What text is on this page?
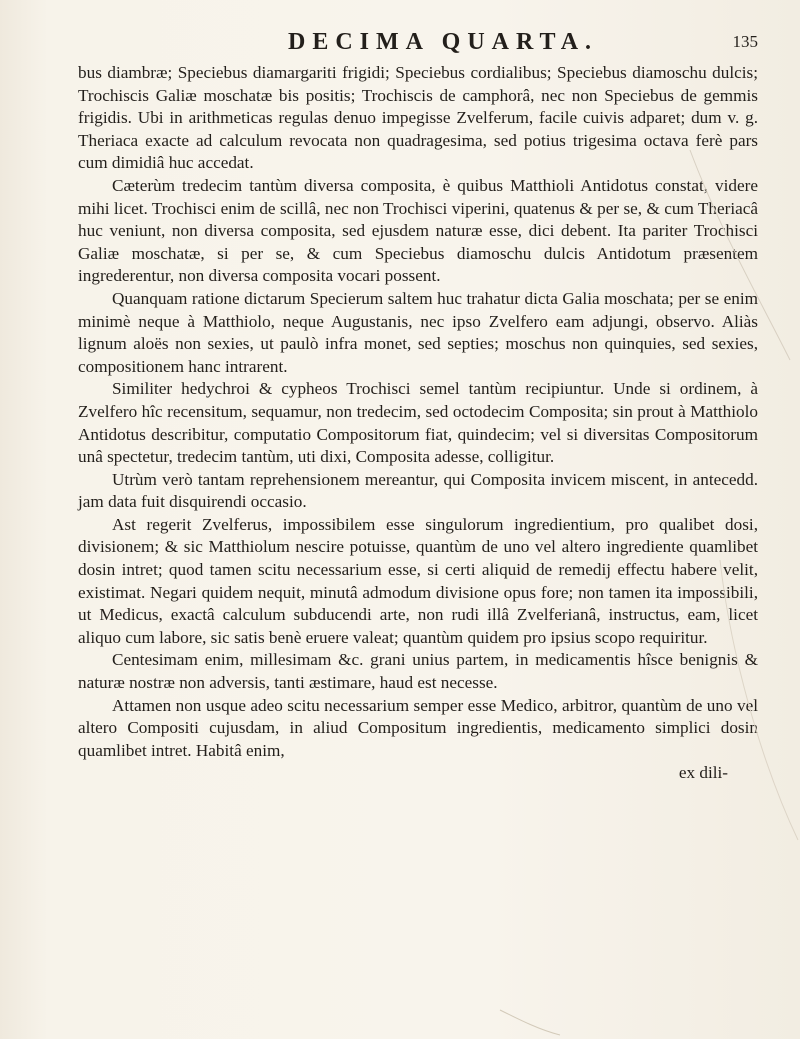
DECIMA QUARTA.	135

bus diambræ; Speciebus diamargariti frigidi; Speciebus cordialibus; Speciebus diamoschu dulcis; Trochiscis Galiæ moschatæ bis positis; Trochiscis de camphorâ, nec non Speciebus de gemmis frigidis. Ubi in arithmeticas regulas denuo impegisse Zvelferum, facile cuivis adparet; dum v. g. Theriaca exacte ad calculum revocata non quadragesima, sed potius trigesima octava ferè pars cum dimidiâ huc accedat.

Cæterùm tredecim tantùm diversa composita, è quibus Matthioli Antidotus constat, videre mihi licet. Trochisci enim de scillâ, nec non Trochisci viperini, quatenus & per se, & cum Theriacâ huc veniunt, non diversa composita, sed ejusdem naturæ esse, dici debent. Ita pariter Trochisci Galiæ moschatæ, si per se, & cum Speciebus diamoschu dulcis Antidotum præsentem ingrederentur, non diversa composita vocari possent.

Quanquam ratione dictarum Specierum saltem huc trahatur dicta Galia moschata; per se enim minimè neque à Matthiolo, neque Augustanis, nec ipso Zvelfero eam adjungi, observo. Aliàs lignum aloës non sexies, ut paulò infra monet, sed septies; moschus non quinquies, sed sexies, compositionem hanc intrarent.

Similiter hedychroi & cypheos Trochisci semel tantùm recipiuntur. Unde si ordinem, à Zvelfero hîc recensitum, sequamur, non tredecim, sed octodecim Composita; sin prout à Matthiolo Antidotus describitur, computatio Compositorum fiat, quindecim; vel si diversitas Compositorum unâ spectetur, tredecim tantùm, uti dixi, Composita adesse, colligitur.

Utrùm verò tantam reprehensionem mereantur, qui Composita invicem miscent, in antecedd. jam data fuit disquirendi occasio.

Ast regerit Zvelferus, impossibilem esse singulorum ingredientium, pro qualibet dosi, divisionem; & sic Matthiolum nescire potuisse, quantùm de uno vel altero ingrediente quamlibet dosin intret; quod tamen scitu necessarium esse, si certi aliquid de remedij effectu habere velit, existimat. Negari quidem nequit, minutâ admodum divisione opus fore; non tamen ita impossibili, ut Medicus, exactâ calculum subducendi arte, non rudi illâ Zvelferianâ, instructus, eam, licet aliquo cum labore, sic satis benè eruere valeat; quantùm quidem pro ipsius scopo requiritur.

Centesimam enim, millesimam &c. grani unius partem, in medicamentis hîsce benignis & naturæ nostræ non adversis, tanti æstimare, haud est necesse.

Attamen non usque adeo scitu necessarium semper esse Medico, arbitror, quantùm de uno vel altero Compositi cujusdam, in aliud Compositum ingredientis, medicamento simplici dosin quamlibet intret. Habitâ enim,

ex dili-
